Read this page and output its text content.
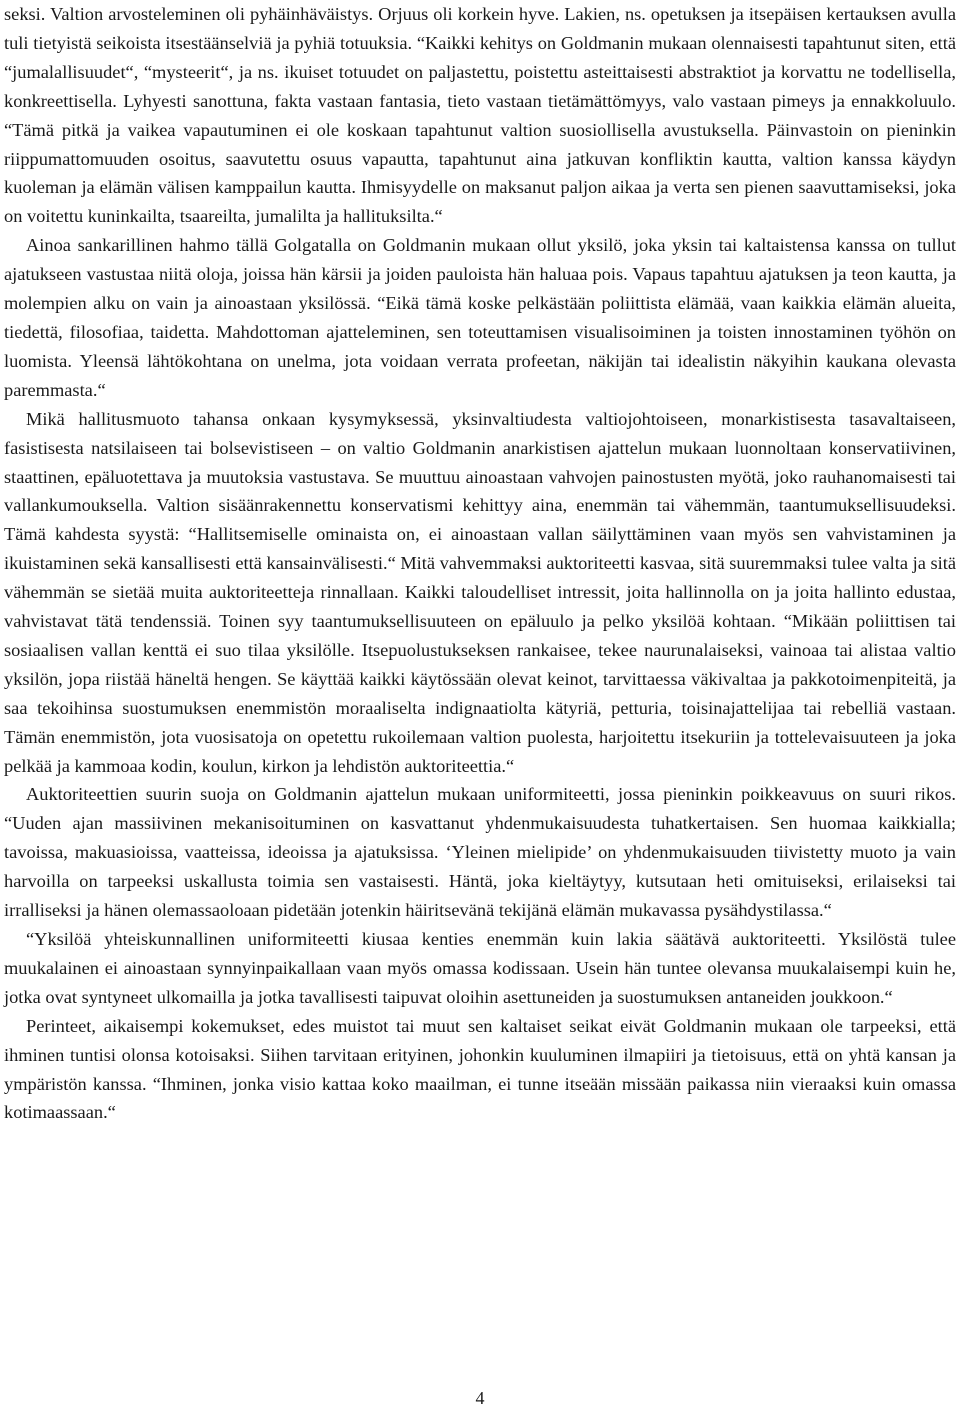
seksi. Valtion arvosteleminen oli pyhäinhäväistys. Orjuus oli korkein hyve. Lakien, ns. opetuksen ja itsepäisen kertauksen avulla tuli tietyistä seikoista itsestäänselviä ja pyhiä totuuksia. “Kaikki kehitys on Goldmanin mukaan olennaisesti tapahtunut siten, että “jumalallisuudet“, “mysteerit“, ja ns. ikuiset totuudet on paljastettu, poistettu asteittaisesti abstraktiot ja korvattu ne todellisella, konkreettisella. Lyhyesti sanottuna, fakta vastaan fantasia, tieto vastaan tietämättömyys, valo vastaan pimeys ja ennakkoluulo. “Tämä pitkä ja vaikea vapautuminen ei ole koskaan tapahtunut valtion suosiollisella avustuksella. Päinvastoin on pieninkin riippumattomuuden osoitus, saavutettu osuus vapautta, tapahtunut aina jatkuvan konfliktin kautta, valtion kanssa käydyn kuoleman ja elämän välisen kamppailun kautta. Ihmisyydelle on maksanut paljon aikaa ja verta sen pienen saavuttamiseksi, joka on voitettu kuninkailta, tsaareilta, jumalilta ja hallituksilta.“

Ainoa sankarillinen hahmo tällä Golgatalla on Goldmanin mukaan ollut yksilö, joka yksin tai kaltaistensa kanssa on tullut ajatukseen vastustaa niitä oloja, joissa hän kärsii ja joiden pauloista hän haluaa pois. Vapaus tapahtuu ajatuksen ja teon kautta, ja molempien alku on vain ja ainoastaan yksilössä. “Eikä tämä koske pelkästään poliittista elämää, vaan kaikkia elämän alueita, tiedettä, filosofiaa, taidetta. Mahdottoman ajatteleminen, sen toteuttamisen visualisoiminen ja toisten innostaminen työhön on luomista. Yleensä lähtökohtana on unelma, jota voidaan verrata profeetan, näkijän tai idealistin näkyihin kaukana olevasta paremmasta.“

Mikä hallitusmuoto tahansa onkaan kysymyksessä, yksinvaltiudesta valtiojohtoiseen, monarkistisesta tasavaltaiseen, fasistisesta natsilaiseen tai bolsevistiseen – on valtio Goldmanin anarkistisen ajattelun mukaan luonnoltaan konservatiivinen, staattinen, epäluotettava ja muutoksia vastustava. Se muuttuu ainoastaan vahvojen painostusten myötä, joko rauhanomaisesti tai vallankumouksella. Valtion sisäänrakennettu konservatismi kehittyy aina, enemmän tai vähemmän, taantumuksellisuudeksi. Tämä kahdesta syystä: “Hallitsemiselle ominaista on, ei ainoastaan vallan säilyttäminen vaan myös sen vahvistaminen ja ikuistaminen sekä kansallisesti että kansainvälisesti.“ Mitä vahvemmaksi auktoriteetti kasvaa, sitä suuremmaksi tulee valta ja sitä vähemmän se sietää muita auktoriteetteja rinnallaan. Kaikki taloudelliset intressit, joita hallinnolla on ja joita hallinto edustaa, vahvistavat tätä tendenssiä. Toinen syy taantumuksellisuuteen on epäluulo ja pelko yksilöä kohtaan. “Mikään poliittisen tai sosiaalisen vallan kenttä ei suo tilaa yksilölle. Itsepuolustukseksen rankaisee, tekee naurunalaiseksi, vainoaa tai alistaa valtio yksilön, jopa riistää häneltä hengen. Se käyttää kaikki käytössään olevat keinot, tarvittaessa väkivaltaa ja pakkotoimenpiteitä, ja saa tekoihinsa suostumuksen enemmistön moraaliselta indignaatiolta kätyriä, petturia, toisinajattelijaa tai rebelliä vastaan. Tämän enemmistön, jota vuosisatoja on opetettu rukoilemaan valtion puolesta, harjoitettu itsekuriin ja tottelevaisuuteen ja joka pelkää ja kammoaa kodin, koulun, kirkon ja lehdistön auktoriteettia.“

Auktoriteettien suurin suoja on Goldmanin ajattelun mukaan uniformiteetti, jossa pieninkin poikkeavuus on suuri rikos. “Uuden ajan massiivinen mekanisoituminen on kasvattanut yhdenmukaisuudesta tuhatkertaisen. Sen huomaa kaikkialla; tavoissa, makuasioissa, vaatteissa, ideoissa ja ajatuksissa. ‘Yleinen mielipide’ on yhdenmukaisuuden tiivistetty muoto ja vain harvoilla on tarpeeksi uskallusta toimia sen vastaisesti. Häntä, joka kieltäytyy, kutsutaan heti omituiseksi, erilaiseksi tai irralliseksi ja hänen olemassaoloaan pidetään jotenkin häiritsevänä tekijänä elämän mukavassa pysähdystilassa.“

“Yksilöä yhteiskunnallinen uniformiteetti kiusaa kenties enemmän kuin lakia säätävä auktoriteetti. Yksilöstä tulee muukalainen ei ainoastaan synnyinpaikallaan vaan myös omassa kodissaan. Usein hän tuntee olevansa muukalaisempi kuin he, jotka ovat syntyneet ulkomailla ja jotka tavallisesti taipuvat oloihin asettuneiden ja suostumuksen antaneiden joukkoon.“

Perinteet, aikaisempi kokemukset, edes muistot tai muut sen kaltaiset seikat eivät Goldmanin mukaan ole tarpeeksi, että ihminen tuntisi olonsa kotoisaksi. Siihen tarvitaan erityinen, johonkin kuuluminen ilmapiiri ja tietoisuus, että on yhtä kansan ja ympäristön kanssa. “Ihminen, jonka visio kattaa koko maailman, ei tunne itseään missään paikassa niin vieraaksi kuin omassa kotimaassaan.“

4
